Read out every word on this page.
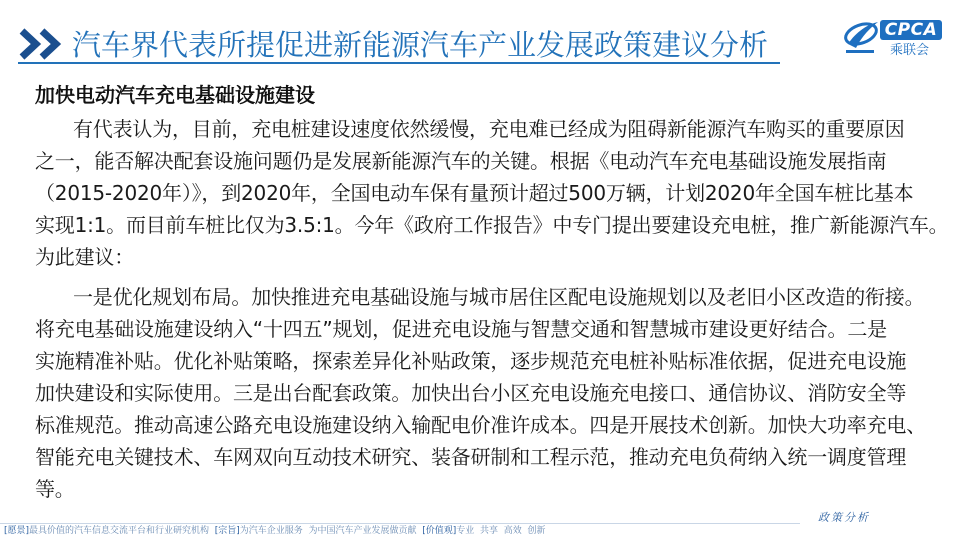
汽车界代表所提促进新能源汽车产业发展政策建议分析	CPCA
乘联会
加快电动汽车充电基础设施建设
有代表认为，目前，充电桩建设速度依然缓慢，充电难已经成为阻碍新能源汽车购买的重要原因
之一，能否解决配套设施问题仍是发展新能源汽车的关键。根据《电动汽车充电基础设施发展指南
（2015-2020年）》，到2020年，全国电动车保有量预计超过500万辆，计划2020年全国车桩比基本
实现1:1。而目前车桩比仅为3.5:1。今年《政府工作报告》中专门提出要建设充电桩，推广新能源汽车。
为此建议：
一是优化规划布局。加快推进充电基础设施与城市居住区配电设施规划以及老旧小区改造的衔接。
将充电基础设施建设纳入“十四五”规划，促进充电设施与智慧交通和智慧城市建设更好结合。二是
实施精准补贴。优化补贴策略，探索差异化补贴政策，逐步规范充电桩补贴标准依据，促进充电设施
加快建设和实际使用。三是出台配套政策。加快出台小区充电设施充电接口、通信协议、消防安全等
标准规范。推动高速公路充电设施建设纳入输配电价准许成本。四是开展技术创新。加快大功率充电、
智能充电关键技术、车网双向互动技术研究、装备研制和工程示范，推动充电负荷纳入统一调度管理
等。
政策分析
[愿景]最具价值的汽车信息交流平台和行业研究机构  [宗旨]为汽车企业服务  为中国汽车产业发展做贡献  [价值观]专业  共享  高效  创新
